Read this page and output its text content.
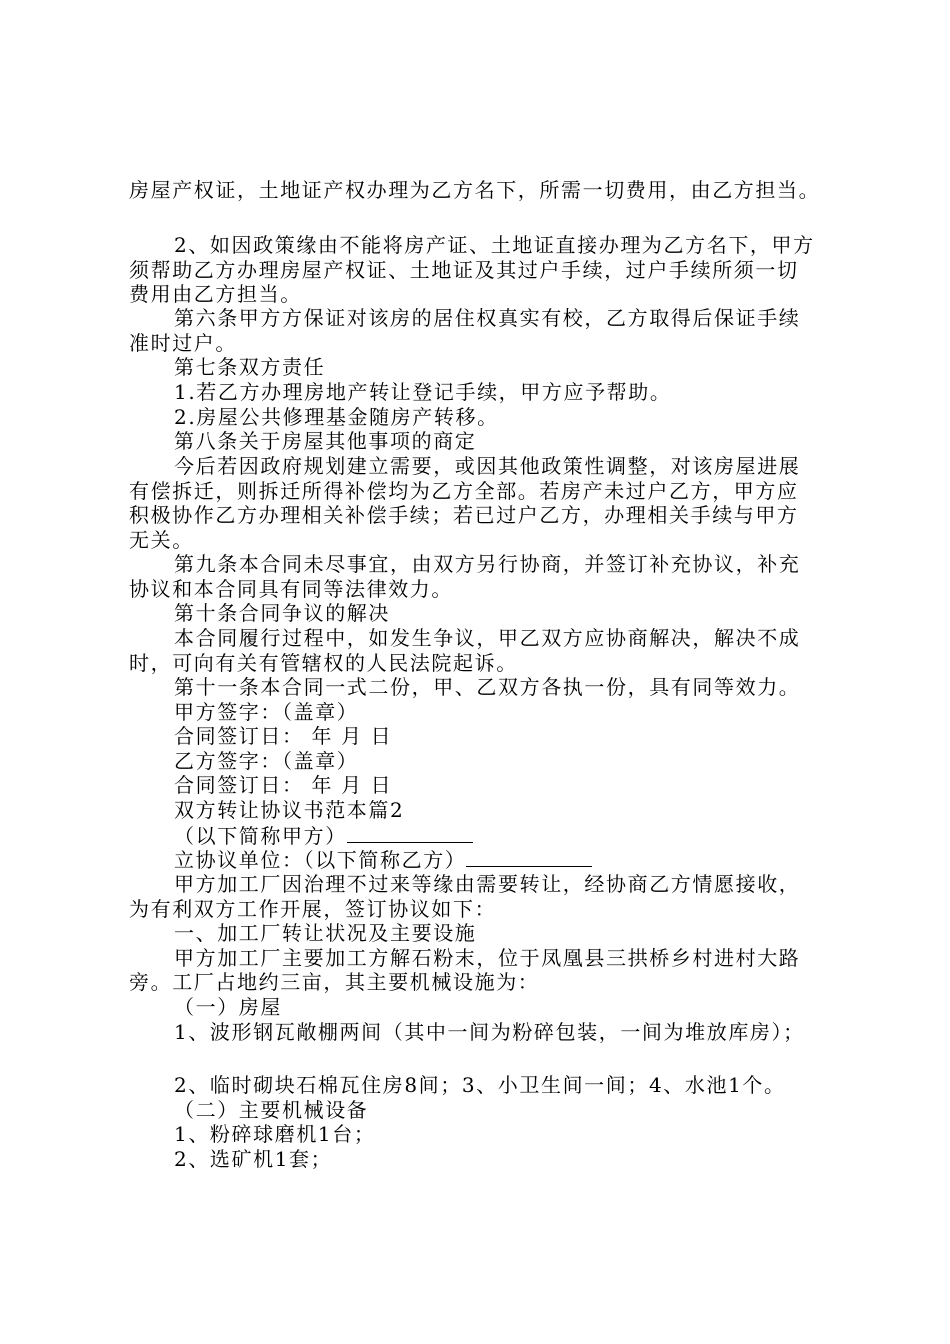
房屋产权证，土地证产权办理为乙方名下，所需一切费用，由乙方担当。
2、如因政策缘由不能将房产证、土地证直接办理为乙方名下，甲方
须帮助乙方办理房屋产权证、土地证及其过户手续，过户手续所须一切
费用由乙方担当。
第六条甲方方保证对该房的居住权真实有校，乙方取得后保证手续
准时过户。
第七条双方责任
1.若乙方办理房地产转让登记手续，甲方应予帮助。
2.房屋公共修理基金随房产转移。
第八条关于房屋其他事项的商定
今后若因政府规划建立需要，或因其他政策性调整，对该房屋进展
有偿拆迁，则拆迁所得补偿均为乙方全部。若房产未过户乙方，甲方应
积极协作乙方办理相关补偿手续；若已过户乙方，办理相关手续与甲方
无关。
第九条本合同未尽事宜，由双方另行协商，并签订补充协议，补充
协议和本合同具有同等法律效力。
第十条合同争议的解决
本合同履行过程中，如发生争议，甲乙双方应协商解决，解决不成
时，可向有关有管辖权的人民法院起诉。
第十一条本合同一式二份，甲、乙双方各执一份，具有同等效力。
甲方签字：（盖章）
合同签订日： 年 月 日
乙方签字：（盖章）
合同签订日： 年 月 日
双方转让协议书范本篇2
（以下简称甲方）
立协议单位：（以下简称乙方）
甲方加工厂因治理不过来等缘由需要转让，经协商乙方情愿接收，
为有利双方工作开展，签订协议如下：
一、加工厂转让状况及主要设施
甲方加工厂主要加工方解石粉末，位于凤凰县三拱桥乡村进村大路
旁。工厂占地约三亩，其主要机械设施为：
（一）房屋
1、波形钢瓦敞棚两间（其中一间为粉碎包装，一间为堆放库房）；
2、临时砌块石棉瓦住房8间；3、小卫生间一间；4、水池1个。
（二）主要机械设备
1、粉碎球磨机1台；
2、选矿机1套；
